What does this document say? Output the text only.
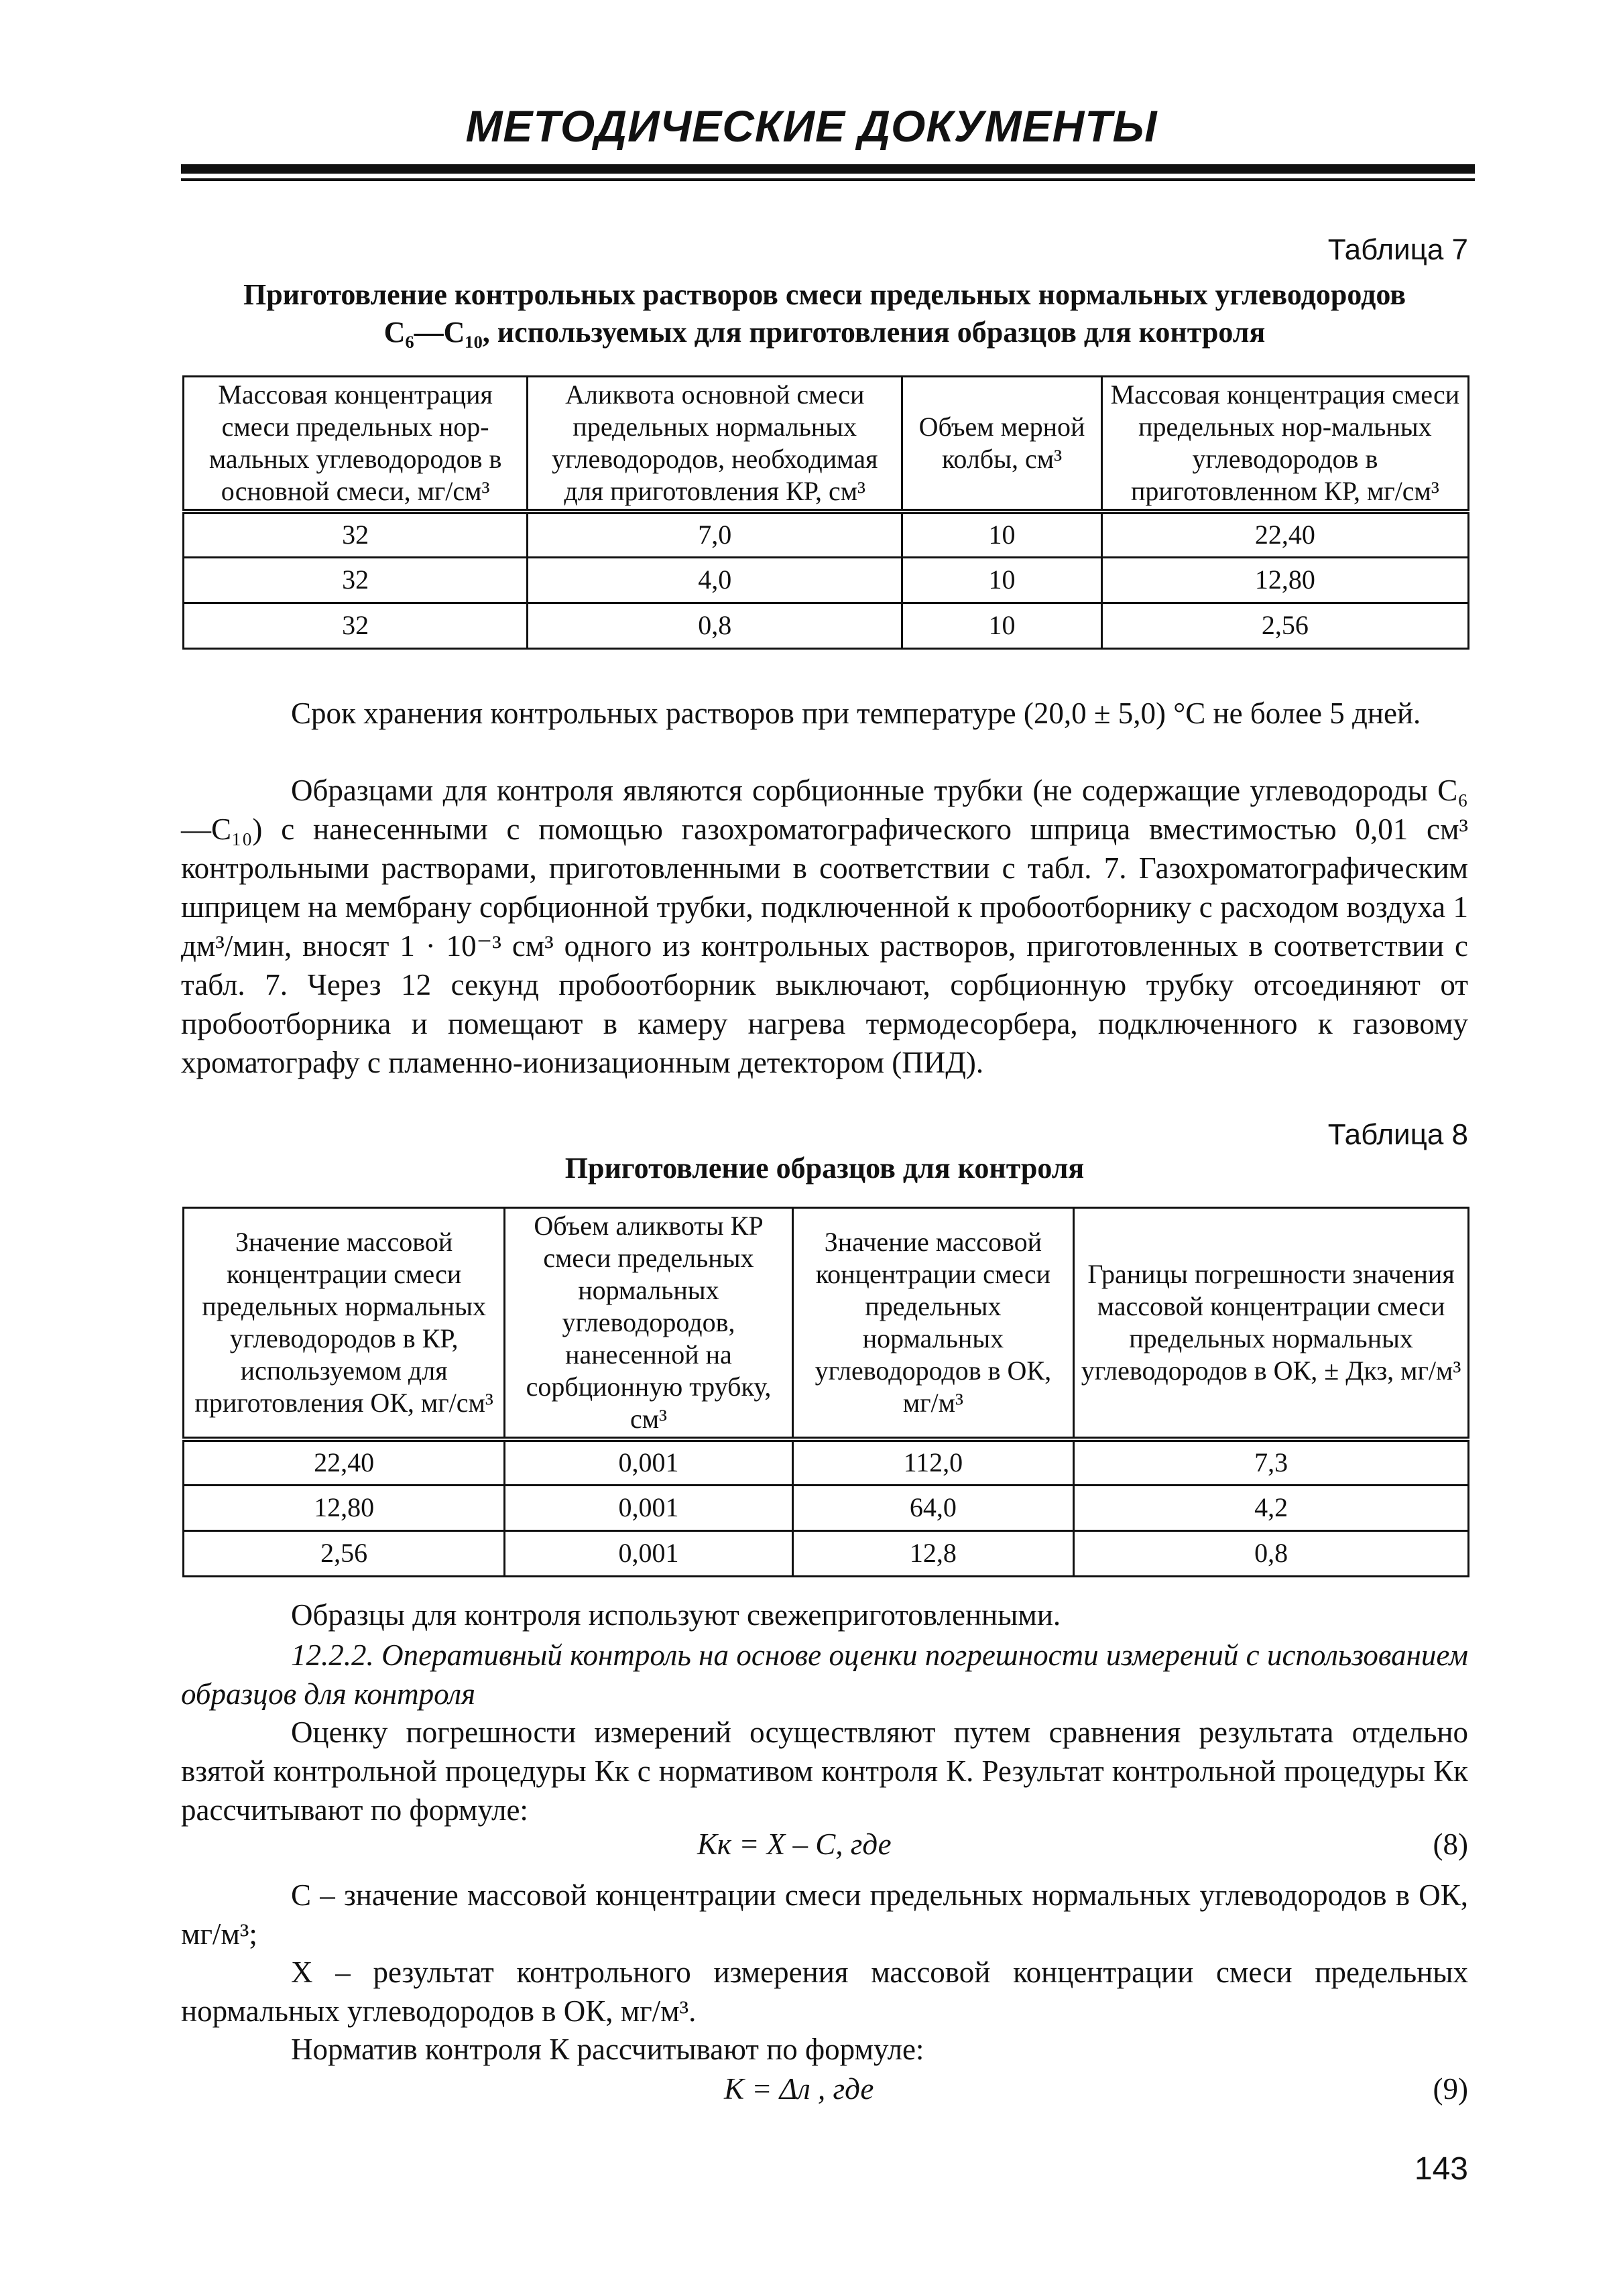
МЕТОДИЧЕСКИЕ ДОКУМЕНТЫ
Таблица 7
Приготовление контрольных растворов смеси предельных нормальных углеводородов
C₆—C₁₀, используемых для приготовления образцов для контроля
Массовая концентрация смеси предельных нор-мальных углеводородов в основной смеси, мг/см³	Аликвота основной смеси предельных нормальных углеводородов, необходимая для приготовления КР, см³	Объем мерной колбы, см³	Массовая концентрация смеси предельных нор-мальных углеводородов в приготовленном КР, мг/см³
32	7,0	10	22,40
32	4,0	10	12,80
32	0,8	10	2,56
Срок хранения контрольных растворов при температуре (20,0 ± 5,0) °С не более 5 дней.
Образцами для контроля являются сорбционные трубки (не содержащие углеводороды C₆—C₁₀) с нанесенными с помощью газохроматографического шприца вместимостью 0,01 см³ контрольными растворами, приготовленными в соответствии с табл. 7. Газохроматографическим шприцем на мембрану сорбционной трубки, подключенной к пробоотборнику с расходом воздуха 1 дм³/мин, вносят 1 · 10⁻³ см³ одного из контрольных растворов, приготовленных в соответствии с табл. 7. Через 12 секунд пробоотборник выключают, сорбционную трубку отсоединяют от пробоотборника и помещают в камеру нагрева термодесорбера, подключенного к газовому хроматографу с пламенно-ионизационным детектором (ПИД).
Таблица 8
Приготовление образцов для контроля
Значение массовой концентрации смеси предельных нормальных углеводородов в КР, используемом для приготовления ОК, мг/см³	Объем аликвоты КР смеси предельных нормальных углеводородов, нанесенной на сорбционную трубку, см³	Значение массовой концентрации смеси предельных нормальных углеводородов в ОК, мг/м³	Границы погрешности значения массовой концентрации смеси предельных нормальных углеводородов в ОК, ± Дкз, мг/м³
22,40	0,001	112,0	7,3
12,80	0,001	64,0	4,2
2,56	0,001	12,8	0,8
Образцы для контроля используют свежеприготовленными.
12.2.2. Оперативный контроль на основе оценки погрешности измерений с использованием образцов для контроля
Оценку погрешности измерений осуществляют путем сравнения результата отдельно взятой контрольной процедуры Кк с нормативом контроля К. Результат контрольной процедуры Кк рассчитывают по формуле:
Кк = X – C, где	(8)
C – значение массовой концентрации смеси предельных нормальных углеводородов в ОК, мг/м³;
X – результат контрольного измерения массовой концентрации смеси предельных нормальных углеводородов в ОК, мг/м³.
Норматив контроля К рассчитывают по формуле:
К = Δл , где	(9)
143
